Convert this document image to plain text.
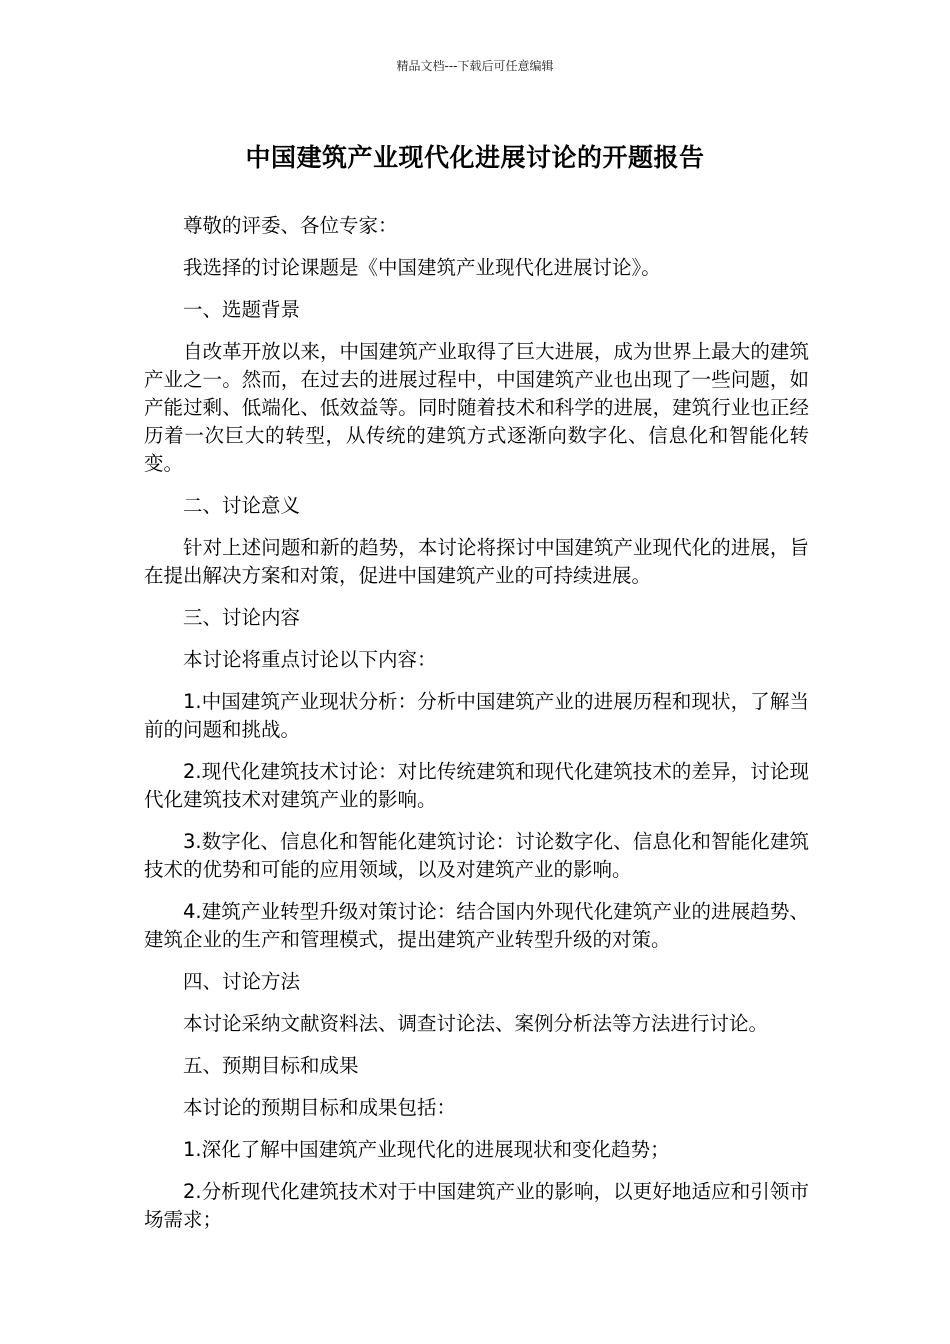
精品文档---下载后可任意编辑
中国建筑产业现代化进展讨论的开题报告

尊敬的评委、各位专家：

我选择的讨论课题是《中国建筑产业现代化进展讨论》。

一、选题背景

自改革开放以来，中国建筑产业取得了巨大进展，成为世界上最大的建筑产业之一。然而，在过去的进展过程中，中国建筑产业也出现了一些问题，如产能过剩、低端化、低效益等。同时随着技术和科学的进展，建筑行业也正经历着一次巨大的转型，从传统的建筑方式逐渐向数字化、信息化和智能化转变。

二、讨论意义

针对上述问题和新的趋势，本讨论将探讨中国建筑产业现代化的进展，旨在提出解决方案和对策，促进中国建筑产业的可持续进展。

三、讨论内容

本讨论将重点讨论以下内容：

1.中国建筑产业现状分析：分析中国建筑产业的进展历程和现状，了解当前的问题和挑战。

2.现代化建筑技术讨论：对比传统建筑和现代化建筑技术的差异，讨论现代化建筑技术对建筑产业的影响。

3.数字化、信息化和智能化建筑讨论：讨论数字化、信息化和智能化建筑技术的优势和可能的应用领域，以及对建筑产业的影响。

4.建筑产业转型升级对策讨论：结合国内外现代化建筑产业的进展趋势、建筑企业的生产和管理模式，提出建筑产业转型升级的对策。

四、讨论方法

本讨论采纳文献资料法、调查讨论法、案例分析法等方法进行讨论。

五、预期目标和成果

本讨论的预期目标和成果包括：

1.深化了解中国建筑产业现代化的进展现状和变化趋势；

2.分析现代化建筑技术对于中国建筑产业的影响，以更好地适应和引领市场需求；
